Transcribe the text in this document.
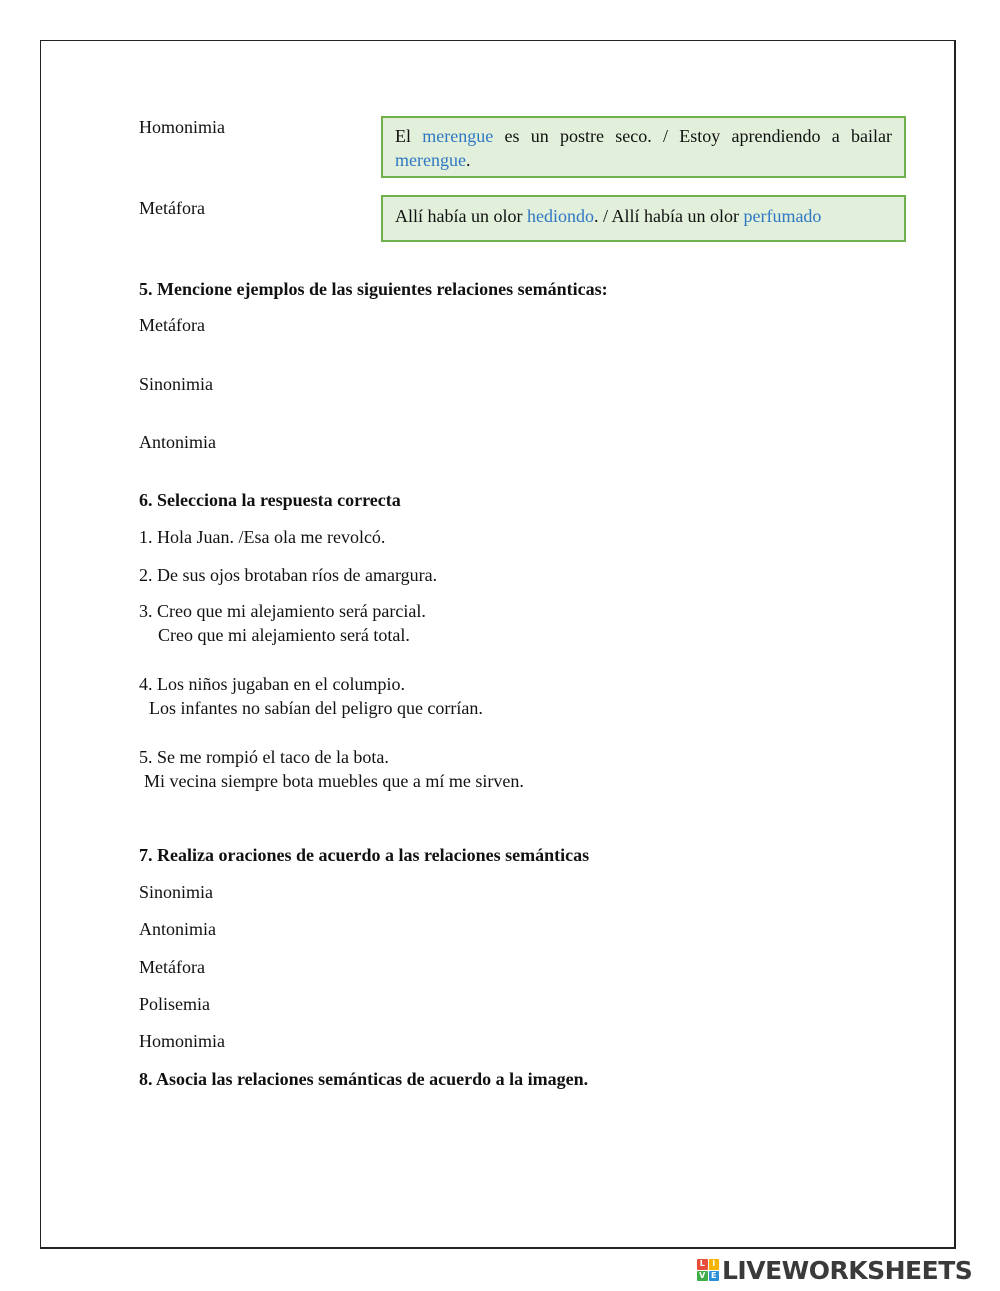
Homonimia	El merengue es un postre seco. / Estoy aprendiendo a bailar merengue.
Metáfora	Allí había un olor hediondo. / Allí había un olor perfumado
5. Mencione ejemplos de las siguientes relaciones semánticas:
Metáfora
Sinonimia
Antonimia
6. Selecciona la respuesta correcta
1. Hola Juan. /Esa ola me revolcó.
2. De sus ojos brotaban ríos de amargura.
3. Creo que mi alejamiento será parcial.
Creo que mi alejamiento será total.
4. Los niños jugaban en el columpio.
Los infantes no sabían del peligro que corrían.
5. Se me rompió el taco de la bota.
Mi vecina siempre bota muebles que a mí me sirven.
7. Realiza oraciones de acuerdo a las relaciones semánticas
Sinonimia
Antonimia
Metáfora
Polisemia
Homonimia
8. Asocia las relaciones semánticas de acuerdo a la imagen.
L I
V E LIVEWORKSHEETS
